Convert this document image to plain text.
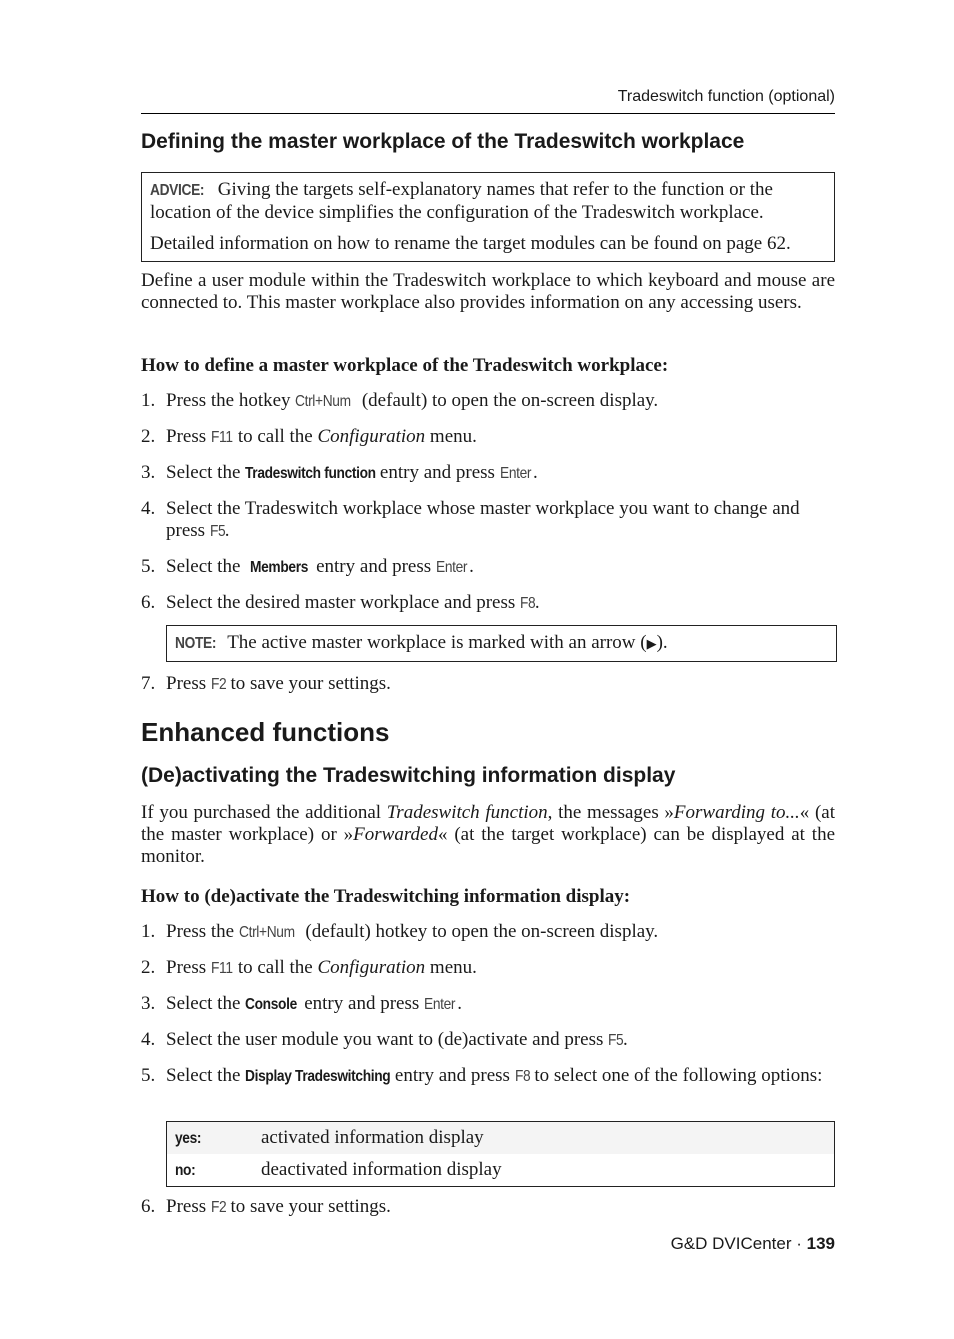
Tradeswitch function (optional)

Defining the master workplace of the Tradeswitch workplace

ADVICE: Giving the targets self-explanatory names that refer to the function or the location of the device simplifies the configuration of the Tradeswitch workplace.

Detailed information on how to rename the target modules can be found on page 62.

Define a user module within the Tradeswitch workplace to which keyboard and mouse are connected to. This master workplace also provides information on any accessing users.

How to define a master workplace of the Tradeswitch workplace:

1. Press the hotkey Ctrl+Num (default) to open the on-screen display.
2. Press F11 to call the Configuration menu.
3. Select the Tradeswitch function entry and press Enter .
4. Select the Tradeswitch workplace whose master workplace you want to change and press F5.
5. Select the  Members entry and press Enter .
6. Select the desired master workplace and press F8.

NOTE: The active master workplace is marked with an arrow (▶).

7. Press F2 to save your settings.

Enhanced functions

(De)activating the Tradeswitching information display

If you purchased the additional Tradeswitch function, the messages »Forwarding to...« (at the master workplace) or »Forwarded« (at the target workplace) can be displayed at the monitor.

How to (de)activate the Tradeswitching information display:

1. Press the Ctrl+Num (default) hotkey to open the on-screen display.
2. Press F11 to call the Configuration menu.
3. Select the Console entry and press Enter .
4. Select the user module you want to (de)activate and press F5.
5. Select the Display Tradeswitching entry and press F8 to select one of the following options:
yes:	activated information display
no:	deactivated information display
6. Press F2 to save your settings.
G&D DVICenter · 139
